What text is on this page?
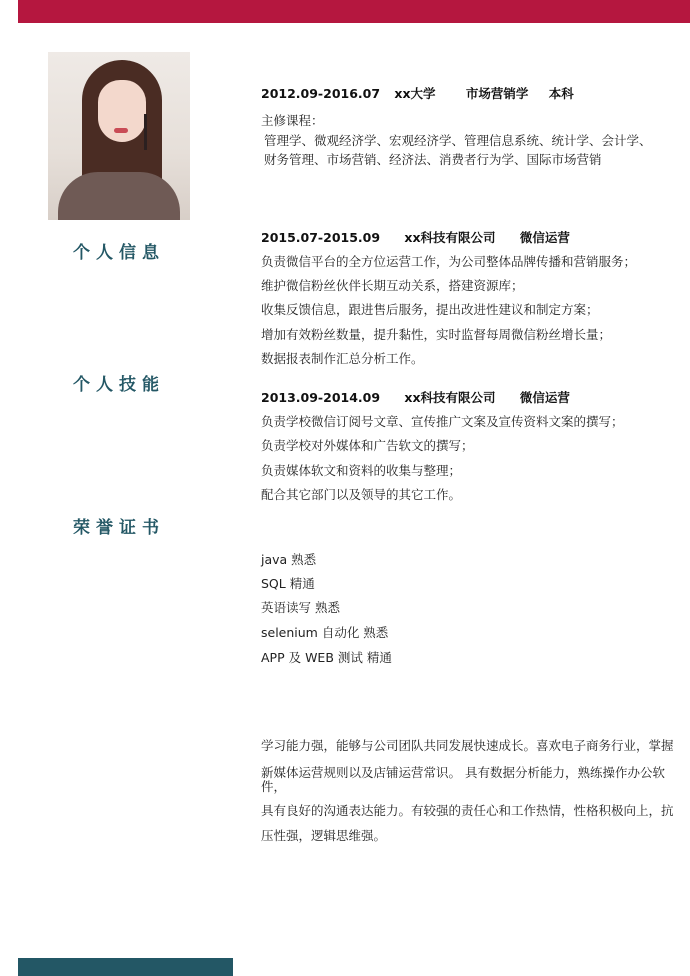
个人信息
个人技能
荣誉证书
2012.09-2016.07 xx大学 市场营销学 本科
主修课程：
管理学、微观经济学、宏观经济学、管理信息系统、统计学、会计学、
财务管理、市场营销、经济法、消费者行为学、国际市场营销
2015.07-2015.09 xx科技有限公司 微信运营
负责微信平台的全方位运营工作，为公司整体品牌传播和营销服务；
维护微信粉丝伙伴长期互动关系，搭建资源库；
收集反馈信息，跟进售后服务，提出改进性建议和制定方案；
增加有效粉丝数量，提升黏性，实时监督每周微信粉丝增长量；
数据报表制作汇总分析工作。
2013.09-2014.09 xx科技有限公司 微信运营
负责学校微信订阅号文章、宣传推广文案及宣传资料文案的撰写；
负责学校对外媒体和广告软文的撰写；
负责媒体软文和资料的收集与整理；
配合其它部门以及领导的其它工作。
java 熟悉
SQL 精通
英语读写 熟悉
selenium 自动化 熟悉
APP 及 WEB 测试 精通
学习能力强，能够与公司团队共同发展快速成长。喜欢电子商务行业，掌握
新媒体运营规则以及店铺运营常识。 具有数据分析能力，熟练操作办公软
件，
具有良好的沟通表达能力。有较强的责任心和工作热情，性格积极向上，抗
压性强，逻辑思维强。
